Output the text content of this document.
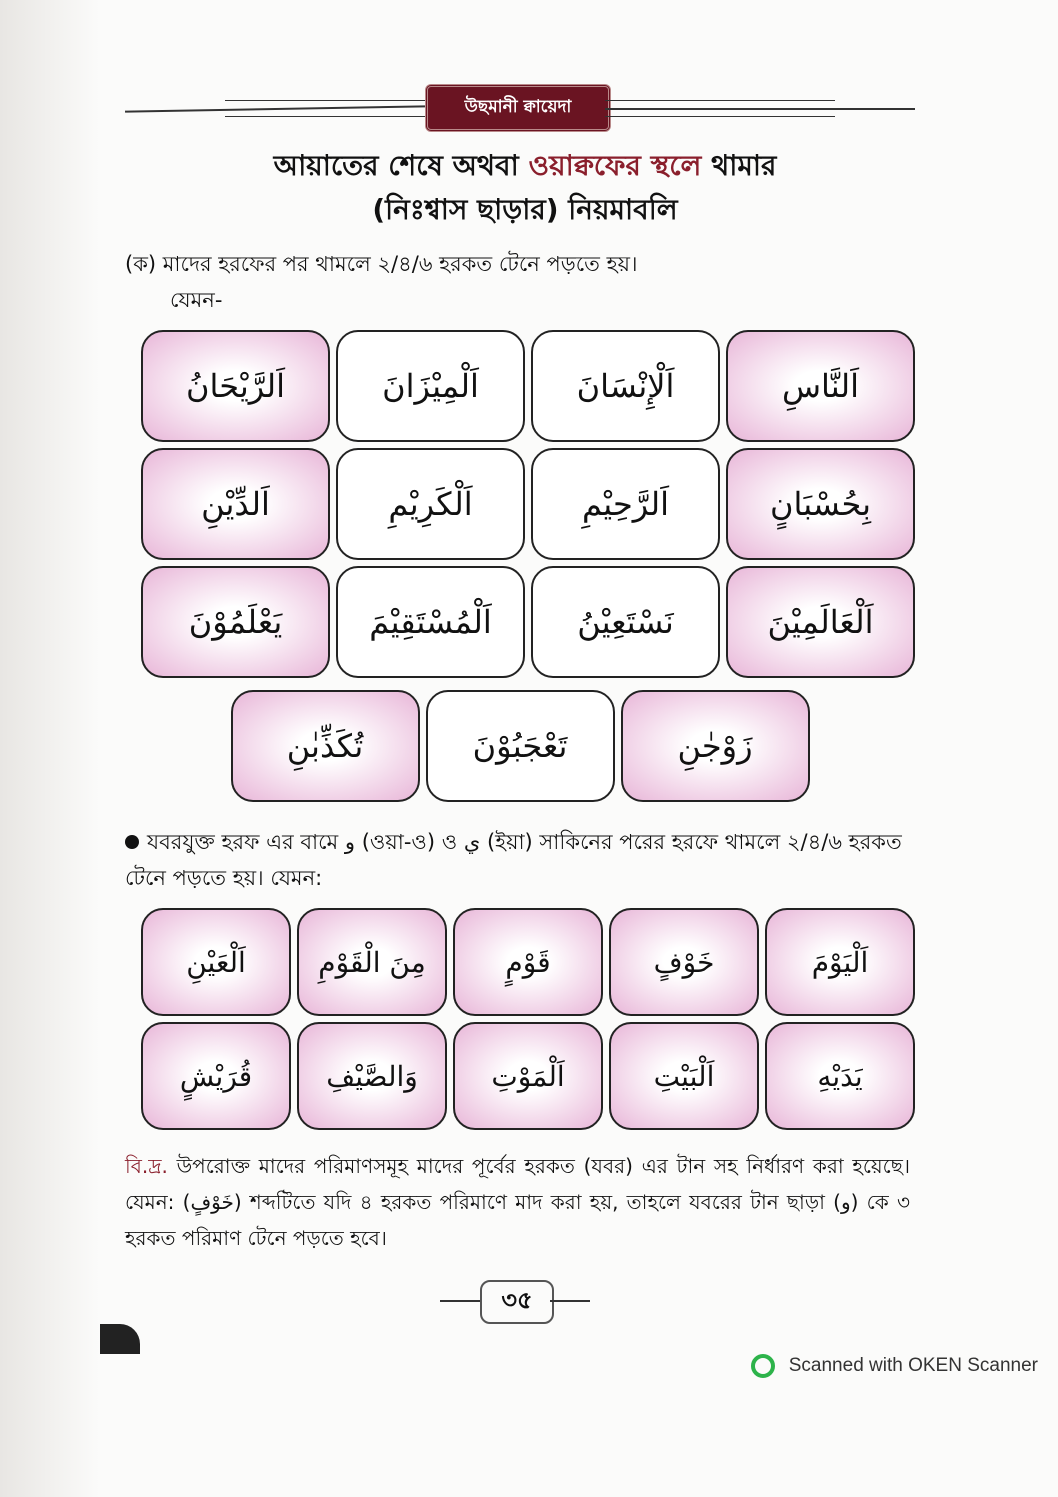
উছমানী ক্বায়েদা
আয়াতের শেষে অথবা ওয়াক্বফের স্থলে থামার
(নিঃশ্বাস ছাড়ার) নিয়মাবলি
(ক) মাদের হরফের পর থামলে ২/৪/৬ হরকত টেনে পড়তে হয়।
যেমন-
اَلنَّاسِ
اَلْإِنْسَانَ
اَلْمِيْزَانَ
اَلرَّيْحَانُ
بِحُسْبَانٍ
اَلرَّحِيْمِ
اَلْكَرِيْمِ
اَلدِّيْنِ
اَلْعَالَمِيْنَ
نَسْتَعِيْنُ
اَلْمُسْتَقِيْمَ
يَعْلَمُوْنَ
زَوْجٰنِ
تَعْجَبُوْنَ
تُكَذِّبٰنِ
যবরযুক্ত হরফ এর বামে و (ওয়া-ও) ও ي (ইয়া) সাকিনের পরের হরফে থামলে ২/৪/৬ হরকত টেনে পড়তে হয়। যেমন:
اَلْيَوْمَ
خَوْفٍ
قَوْمٍ
مِنَ الْقَوْمِ
اَلْعَيْنِ
يَدَيْهِ
اَلْبَيْتِ
اَلْمَوْتِ
وَالصَّيْفِ
قُرَيْشٍ
বি.দ্র. উপরোক্ত মাদের পরিমাণসমূহ মাদের পূর্বের হরকত (যবর) এর টান সহ নির্ধারণ করা হয়েছে। যেমন: (خَوْفٍ) শব্দটিতে যদি ৪ হরকত পরিমাণে মাদ করা হয়, তাহলে যবরের টান ছাড়া (و) কে ৩ হরকত পরিমাণ টেনে পড়তে হবে।
৩৫
Scanned with OKEN Scanner
